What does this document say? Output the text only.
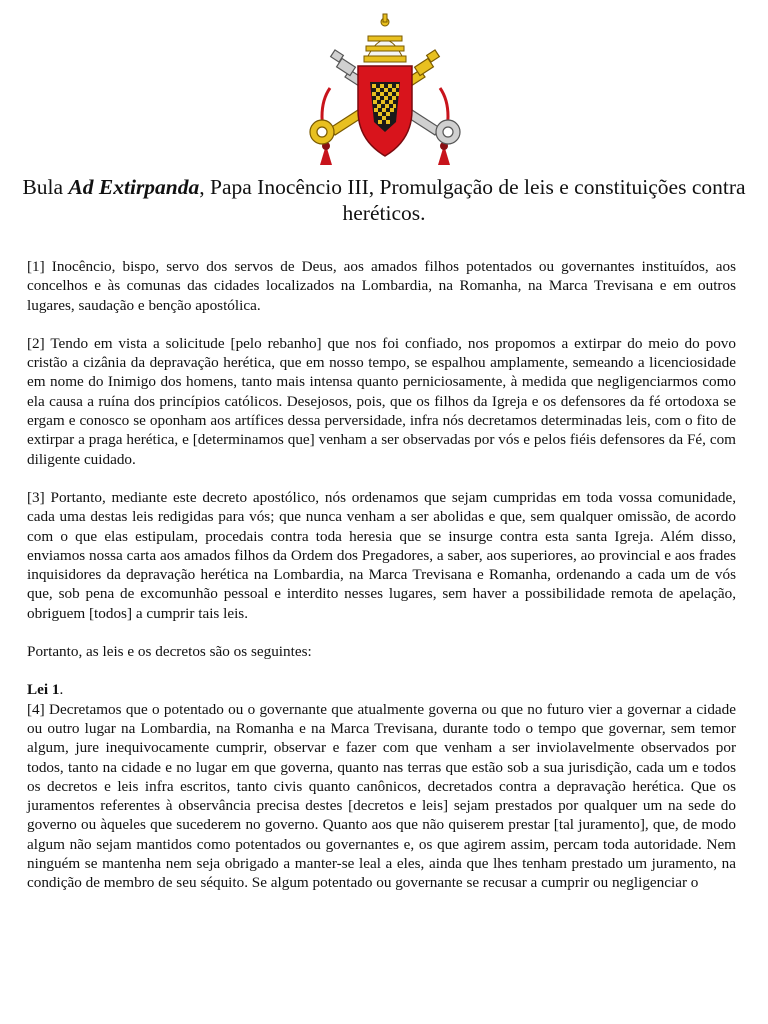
Bula Ad Extirpanda, Papa Inocêncio III, Promulgação de leis e constituições contra heréticos.

[1] Inocêncio, bispo, servo dos servos de Deus, aos amados filhos potentados ou governantes instituídos, aos concelhos e às comunas das cidades localizados na Lombardia, na Romanha, na Marca Trevisana e em outros lugares, saudação e benção apostólica.

[2] Tendo em vista a solicitude [pelo rebanho] que nos foi confiado, nos propomos a extirpar do meio do povo cristão a cizânia da depravação herética, que em nosso tempo, se espalhou amplamente, semeando a licenciosidade em nome do Inimigo dos homens, tanto mais intensa quanto perniciosamente, à medida que negligenciarmos como ela causa a ruína dos princípios católicos. Desejosos, pois, que os filhos da Igreja e os defensores da fé ortodoxa se ergam e conosco se oponham aos artífices dessa perversidade, infra nós decretamos determinadas leis, com o fito de extirpar a praga herética, e [determinamos que] venham a ser observadas por vós e pelos fiéis defensores da Fé, com diligente cuidado.

[3] Portanto, mediante este decreto apostólico, nós ordenamos que sejam cumpridas em toda vossa comunidade, cada uma destas leis redigidas para vós; que nunca venham a ser abolidas e que, sem qualquer omissão, de acordo com o que elas estipulam, procedais contra toda heresia que se insurge contra esta santa Igreja. Além disso, enviamos nossa carta aos amados filhos da Ordem dos Pregadores, a saber, aos superiores, ao provincial e aos frades inquisidores da depravação herética na Lombardia, na Marca Trevisana e Romanha, ordenando a cada um de vós que, sob pena de excomunhão pessoal e interdito nesses lugares, sem haver a possibilidade remota de apelação, obriguem [todos] a cumprir tais leis.

Portanto, as leis e os decretos são os seguintes:

Lei 1.

[4] Decretamos que o potentado ou o governante que atualmente governa ou que no futuro vier a governar a cidade ou outro lugar na Lombardia, na Romanha e na Marca Trevisana, durante todo o tempo que governar, sem temor algum, jure inequivocamente cumprir, observar e fazer com que venham a ser inviolavelmente observados por todos, tanto na cidade e no lugar em que governa, quanto nas terras que estão sob a sua jurisdição, cada um e todos os decretos e leis infra escritos, tanto civis quanto canônicos, decretados contra a depravação herética. Que os juramentos referentes à observância precisa destes [decretos e leis] sejam prestados por qualquer um na sede do governo ou àqueles que sucederem no governo. Quanto aos que não quiserem prestar [tal juramento], que, de modo algum não sejam mantidos como potentados ou governantes e, os que agirem assim, percam toda autoridade. Nem ninguém se mantenha nem seja obrigado a manter-se leal a eles, ainda que lhes tenham prestado um juramento, na condição de membro de seu séquito. Se algum potentado ou governante se recusar a cumprir ou negligenciar o
